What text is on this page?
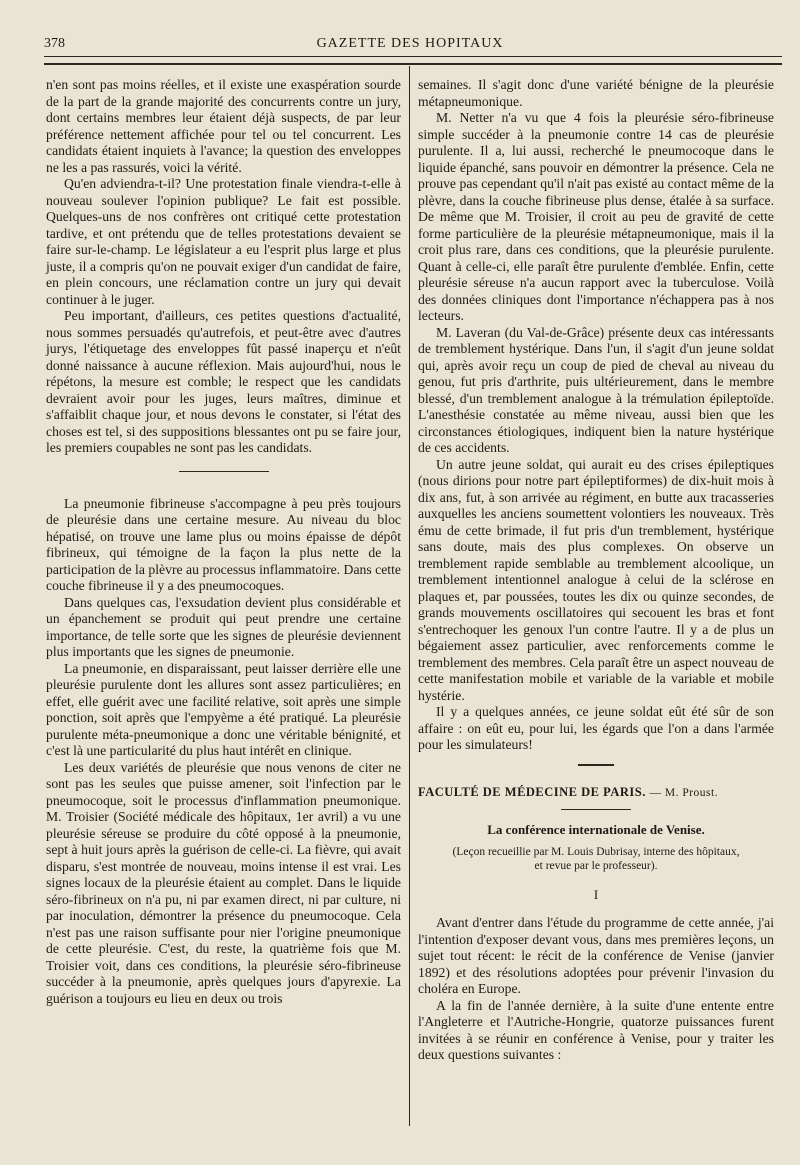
378	GAZETTE DES HOPITAUX

n'en sont pas moins réelles, et il existe une exaspération sourde de la part de la grande majorité des concurrents contre un jury, dont certains membres leur étaient déjà suspects, de par leur préférence nettement affichée pour tel ou tel concurrent. Les candidats étaient inquiets à l'avance; la question des enveloppes ne les a pas rassurés, voici la vérité.

Qu'en adviendra-t-il? Une protestation finale viendra-t-elle à nouveau soulever l'opinion publique? Le fait est possible. Quelques-uns de nos confrères ont critiqué cette protestation tardive, et ont prétendu que de telles protestations devaient se faire sur-le-champ. Le législateur a eu l'esprit plus large et plus juste, il a compris qu'on ne pouvait exiger d'un candidat de faire, en plein concours, une réclamation contre un jury qui devait continuer à le juger.

Peu important, d'ailleurs, ces petites questions d'actualité, nous sommes persuadés qu'autrefois, et peut-être avec d'autres jurys, l'étiquetage des enveloppes fût passé inaperçu et n'eût donné naissance à aucune réflexion. Mais aujourd'hui, nous le répétons, la mesure est comble; le respect que les candidats devraient avoir pour les juges, leurs maîtres, diminue et s'affaiblit chaque jour, et nous devons le constater, si l'état des choses est tel, si des suppositions blessantes ont pu se faire jour, les premiers coupables ne sont pas les candidats.

La pneumonie fibrineuse s'accompagne à peu près toujours de pleurésie dans une certaine mesure. Au niveau du bloc hépatisé, on trouve une lame plus ou moins épaisse de dépôt fibrineux, qui témoigne de la façon la plus nette de la participation de la plèvre au processus inflammatoire. Dans cette couche fibrineuse il y a des pneumocoques.

Dans quelques cas, l'exsudation devient plus considérable et un épanchement se produit qui peut prendre une certaine importance, de telle sorte que les signes de pleurésie deviennent plus importants que les signes de pneumonie.

La pneumonie, en disparaissant, peut laisser derrière elle une pleurésie purulente dont les allures sont assez particulières; en effet, elle guérit avec une facilité relative, soit après une simple ponction, soit après que l'empyème a été pratiqué. La pleurésie purulente méta-pneumonique a donc une véritable bénignité, et c'est là une particularité du plus haut intérêt en clinique.

Les deux variétés de pleurésie que nous venons de citer ne sont pas les seules que puisse amener, soit l'infection par le pneumocoque, soit le processus d'inflammation pneumonique. M. Troisier (Société médicale des hôpitaux, 1er avril) a vu une pleurésie séreuse se produire du côté opposé à la pneumonie, sept à huit jours après la guérison de celle-ci. La fièvre, qui avait disparu, s'est montrée de nouveau, moins intense il est vrai. Les signes locaux de la pleurésie étaient au complet. Dans le liquide séro-fibrineux on n'a pu, ni par examen direct, ni par culture, ni par inoculation, démontrer la présence du pneumocoque. Cela n'est pas une raison suffisante pour nier l'origine pneumonique de cette pleurésie. C'est, du reste, la quatrième fois que M. Troisier voit, dans ces conditions, la pleurésie séro-fibrineuse succéder à la pneumonie, après quelques jours d'apyrexie. La guérison a toujours eu lieu en deux ou trois

semaines. Il s'agit donc d'une variété bénigne de la pleurésie métapneumonique.

M. Netter n'a vu que 4 fois la pleurésie séro-fibrineuse simple succéder à la pneumonie contre 14 cas de pleurésie purulente. Il a, lui aussi, recherché le pneumocoque dans le liquide épanché, sans pouvoir en démontrer la présence. Cela ne prouve pas cependant qu'il n'ait pas existé au contact même de la plèvre, dans la couche fibrineuse plus dense, étalée à sa surface. De même que M. Troisier, il croit au peu de gravité de cette forme particulière de la pleurésie métapneumonique, mais il la croit plus rare, dans ces conditions, que la pleurésie purulente. Quant à celle-ci, elle paraît être purulente d'emblée. Enfin, cette pleurésie séreuse n'a aucun rapport avec la tuberculose. Voilà des données cliniques dont l'importance n'échappera pas à nos lecteurs.

M. Laveran (du Val-de-Grâce) présente deux cas intéressants de tremblement hystérique. Dans l'un, il s'agit d'un jeune soldat qui, après avoir reçu un coup de pied de cheval au niveau du genou, fut pris d'arthrite, puis ultérieurement, dans le membre blessé, d'un tremblement analogue à la trémulation épileptoïde. L'anesthésie constatée au même niveau, aussi bien que les circonstances étiologiques, indiquent bien la nature hystérique de ces accidents.

Un autre jeune soldat, qui aurait eu des crises épileptiques (nous dirions pour notre part épileptiformes) de dix-huit mois à dix ans, fut, à son arrivée au régiment, en butte aux tracasseries auxquelles les anciens soumettent volontiers les nouveaux. Très ému de cette brimade, il fut pris d'un tremblement, hystérique sans doute, mais des plus complexes. On observe un tremblement rapide semblable au tremblement alcoolique, un tremblement intentionnel analogue à celui de la sclérose en plaques et, par poussées, toutes les dix ou quinze secondes, de grands mouvements oscillatoires qui secouent les bras et font s'entrechoquer les genoux l'un contre l'autre. Il y a de plus un bégaiement assez particulier, avec renforcements comme le tremblement des membres. Cela paraît être un aspect nouveau de cette manifestation mobile et variable de la variable et mobile hystérie.

Il y a quelques années, ce jeune soldat eût été sûr de son affaire : on eût eu, pour lui, les égards que l'on a dans l'armée pour les simulateurs!

FACULTÉ DE MÉDECINE DE PARIS. — M. Proust.
La conférence internationale de Venise.
(Leçon recueillie par M. Louis Dubrisay, interne des hôpitaux,
et revue par le professeur).
I

Avant d'entrer dans l'étude du programme de cette année, j'ai l'intention d'exposer devant vous, dans mes premières leçons, un sujet tout récent: le récit de la conférence de Venise (janvier 1892) et des résolutions adoptées pour prévenir l'invasion du choléra en Europe.

A la fin de l'année dernière, à la suite d'une entente entre l'Angleterre et l'Autriche-Hongrie, quatorze puissances furent invitées à se réunir en conférence à Venise, pour y traiter les deux questions suivantes :
